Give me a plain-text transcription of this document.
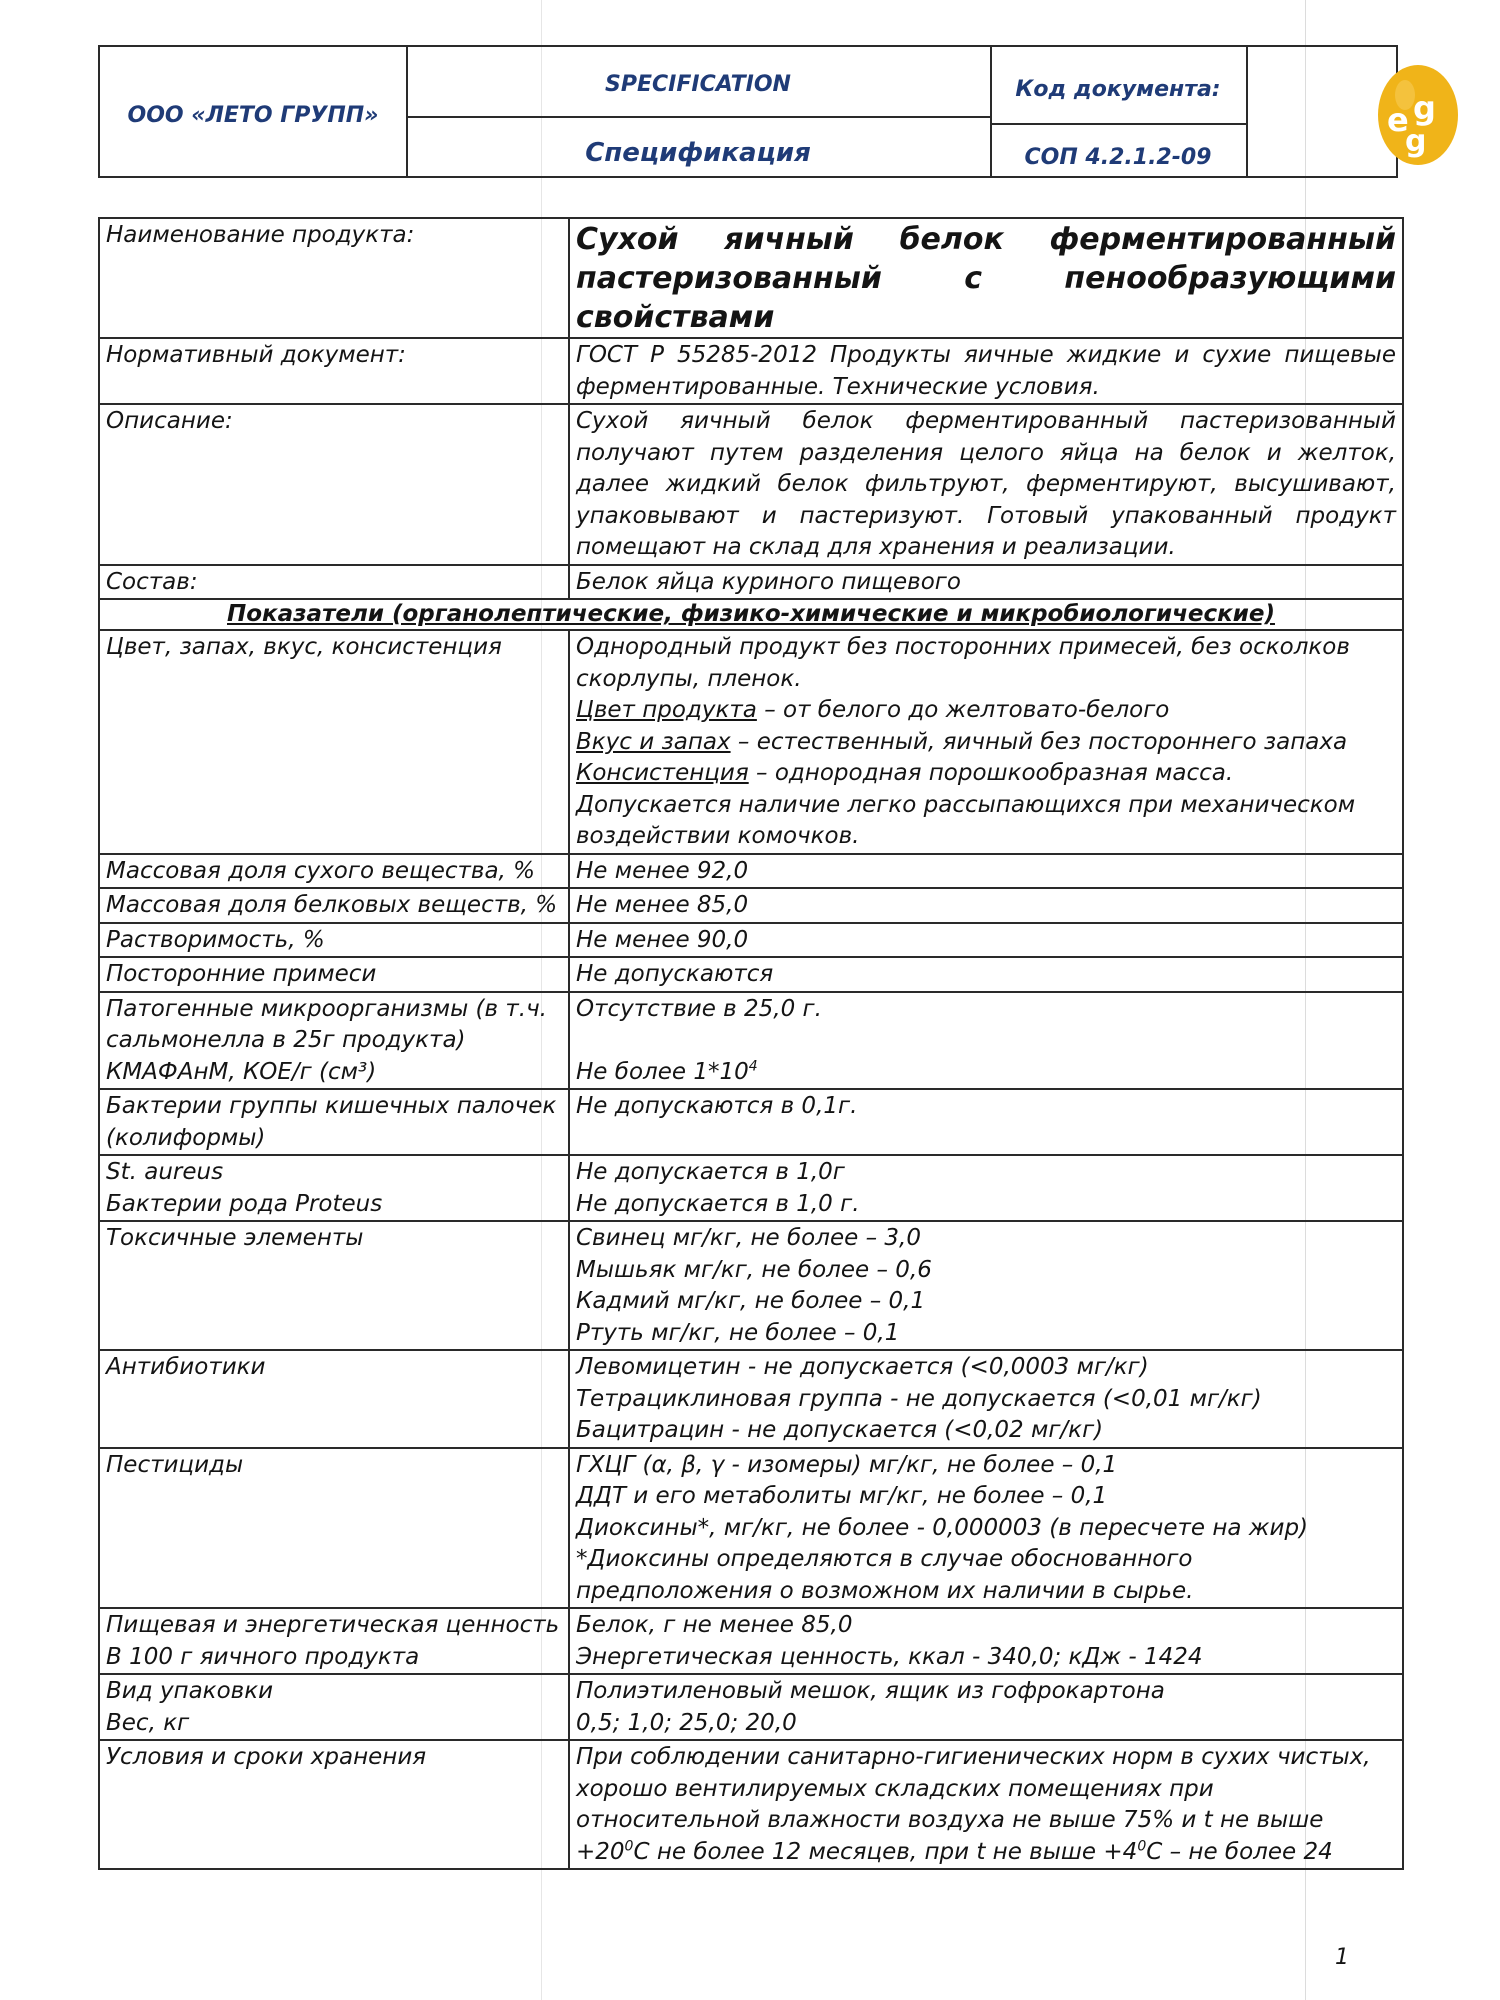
ООО «ЛЕТО ГРУПП»
SPECIFICATION
Спецификация
Код документа:
СОП 4.2.1.2-09
e g
g
Наименование продукта:	Сухой яичный белок ферментированный
пастеризованный с пенообразующими свойствами

Нормативный документ:	ГОСТ Р 55285-2012 Продукты яичные жидкие и сухие пищевые ферментированные. Технические условия.
Описание:	Сухой яичный белок ферментированный пастеризованный получают путем разделения целого яйца на белок и желток, далее жидкий белок фильтруют, ферментируют, высушивают, упаковывают и пастеризуют. Готовый упакованный продукт помещают на склад для хранения и реализации.
Состав:	Белок яйца куриного пищевого
Показатели (органолептические, физико-химические и микробиологические)	
Цвет, запах, вкус, консистенция	Однородный продукт без посторонних примесей, без осколков скорлупы, пленок.
Цвет продукта – от белого до желтовато-белого
Вкус и запах – естественный, яичный без постороннего запаха
Консистенция – однородная порошкообразная масса.
Допускается наличие легко рассыпающихся при механическом воздействии комочков.

Массовая доля сухого вещества, %	Не менее 92,0
Массовая доля белковых веществ, %	Не менее 85,0
Растворимость, %	Не менее 90,0
Посторонние примеси	Не допускаются

Патогенные микроорганизмы (в т.ч. сальмонелла в 25г продукта)
КМАФАнМ, КОЕ/г (см³)	Отсутствие в 25,0 г.

Не более $1*10^4$

Бактерии группы кишечных палочек (колиформы)	Не допускаются в 0,1г.

St. aureus
Бактерии рода Proteus	Не допускается в 1,0г
Не допускается в 1,0 г.

Токсичные элементы	Свинец мг/кг, не более – 3,0
Мышьяк мг/кг, не более – 0,6
Кадмий мг/кг, не более – 0,1
Ртуть мг/кг, не более – 0,1

Антибиотики	Левомицетин - не допускается (<0,0003 мг/кг)
Тетрациклиновая группа - не допускается (<0,01 мг/кг)
Бацитрацин - не допускается (<0,02 мг/кг)

Пестициды	ГХЦГ (α, β, γ - изомеры) мг/кг, не более – 0,1
ДДТ и его метаболиты мг/кг, не более – 0,1
Диоксины*, мг/кг, не более - 0,000003 (в пересчете на жир)
*Диоксины определяются в случае обоснованного предположения о возможном их наличии в сырье.

Пищевая и энергетическая ценность
В 100 г яичного продукта	Белок, г не менее 85,0
Энергетическая ценность, ккал - 340,0; кДж - 1424

Вид упаковки
Вес, кг	Полиэтиленовый мешок, ящик из гофрокартона
0,5; 1,0; 25,0; 20,0

Условия и сроки хранения	При соблюдении санитарно-гигиенических норм в сухих чистых, хорошо вентилируемых складских помещениях при относительной влажности воздуха не выше 75% и t не выше $+20^0С$ не более 12 месяцев, при t не выше $+4^0С$ – не более 24
1
